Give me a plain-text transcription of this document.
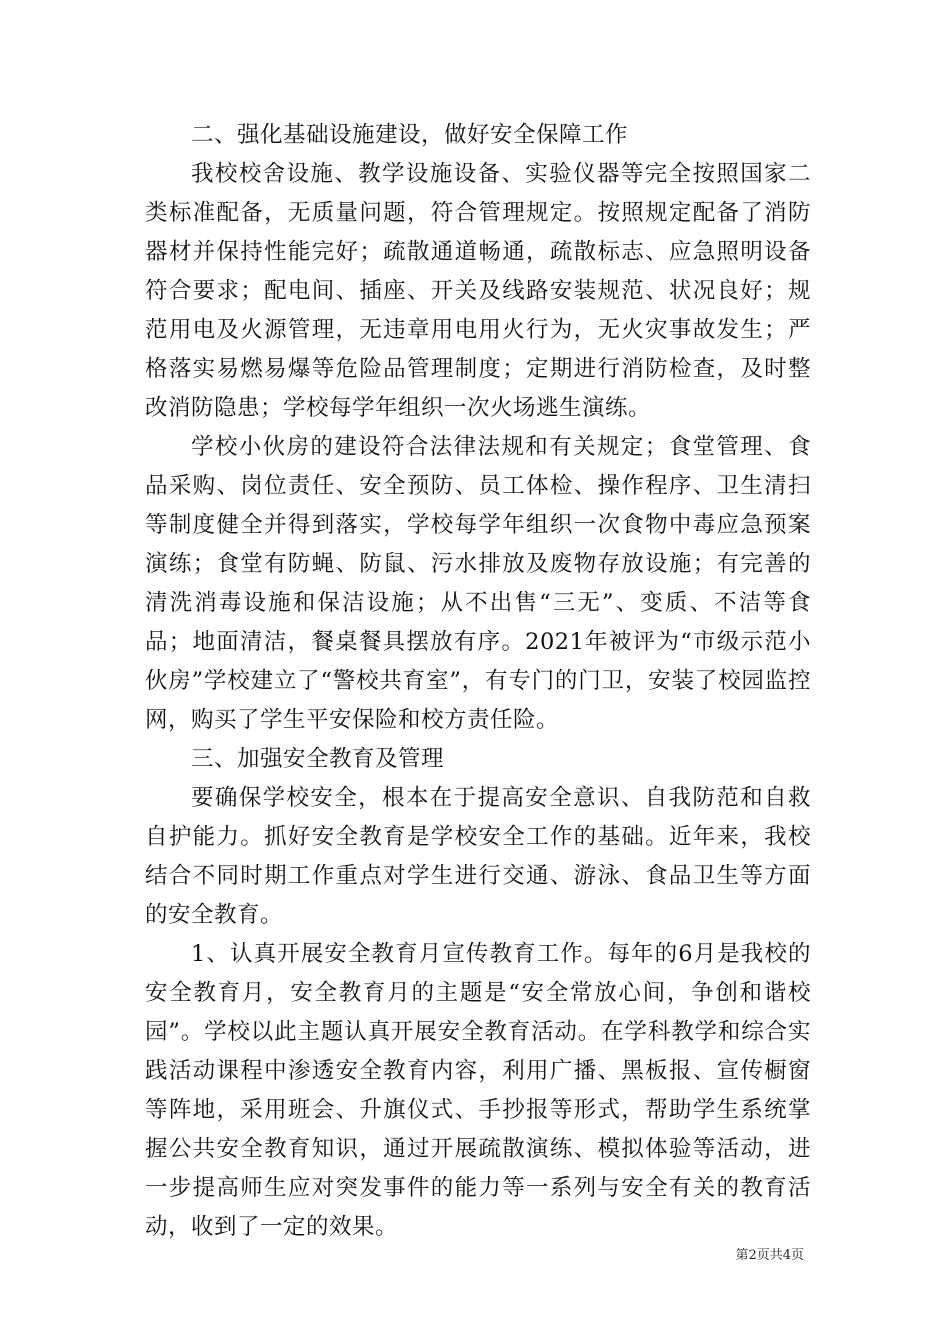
二、强化基础设施建设，做好安全保障工作

我校校舍设施、教学设施设备、实验仪器等完全按照国家二类标准配备，无质量问题，符合管理规定。按照规定配备了消防器材并保持性能完好；疏散通道畅通，疏散标志、应急照明设备符合要求；配电间、插座、开关及线路安装规范、状况良好；规范用电及火源管理，无违章用电用火行为，无火灾事故发生；严格落实易燃易爆等危险品管理制度；定期进行消防检查，及时整改消防隐患；学校每学年组织一次火场逃生演练。

学校小伙房的建设符合法律法规和有关规定；食堂管理、食品采购、岗位责任、安全预防、员工体检、操作程序、卫生清扫等制度健全并得到落实，学校每学年组织一次食物中毒应急预案演练；食堂有防蝇、防鼠、污水排放及废物存放设施；有完善的清洗消毒设施和保洁设施；从不出售“三无”、变质、不洁等食品；地面清洁，餐桌餐具摆放有序。2021年被评为“市级示范小伙房”学校建立了“警校共育室”，有专门的门卫，安装了校园监控网，购买了学生平安保险和校方责任险。

三、加强安全教育及管理

要确保学校安全，根本在于提高安全意识、自我防范和自救自护能力。抓好安全教育是学校安全工作的基础。近年来，我校结合不同时期工作重点对学生进行交通、游泳、食品卫生等方面的安全教育。

1、认真开展安全教育月宣传教育工作。每年的6月是我校的安全教育月，安全教育月的主题是“安全常放心间，争创和谐校园”。学校以此主题认真开展安全教育活动。在学科教学和综合实践活动课程中渗透安全教育内容，利用广播、黑板报、宣传橱窗等阵地，采用班会、升旗仪式、手抄报等形式，帮助学生系统掌握公共安全教育知识，通过开展疏散演练、模拟体验等活动，进一步提高师生应对突发事件的能力等一系列与安全有关的教育活动，收到了一定的效果。

第2页共4页
